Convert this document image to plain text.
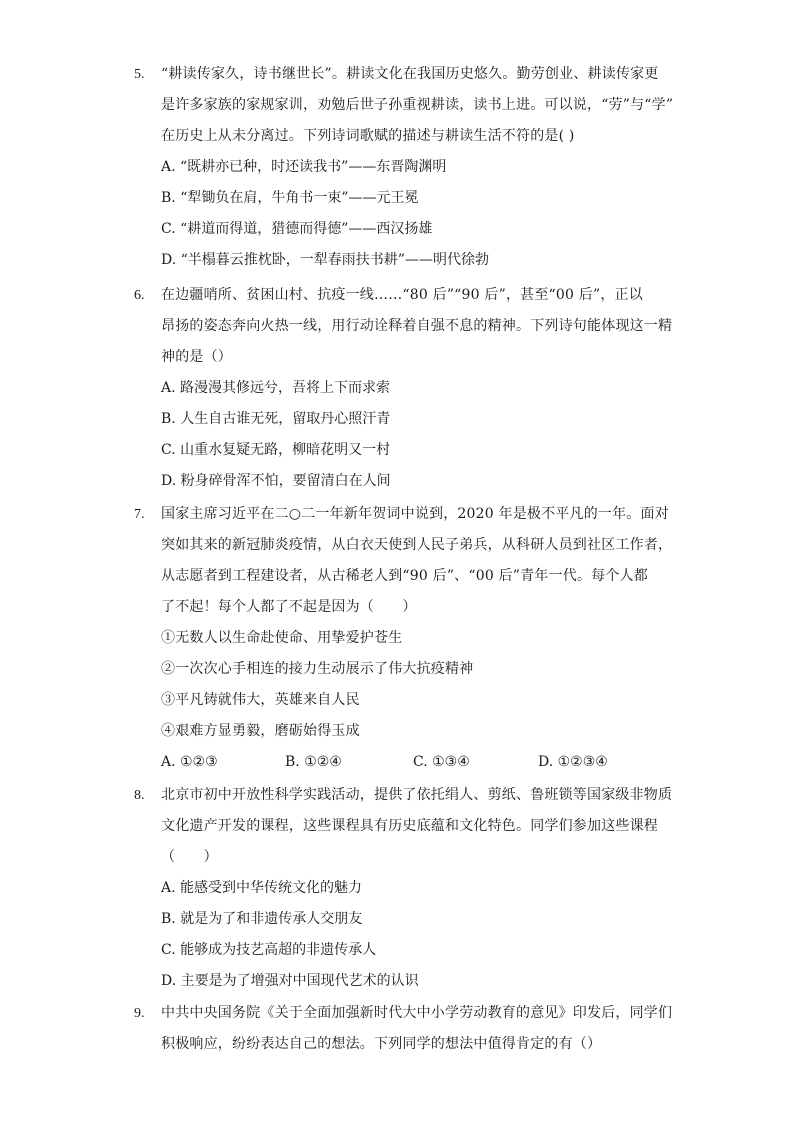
5. “耕读传家久，诗书继世长”。耕读文化在我国历史悠久。勤劳创业、耕读传家更
是许多家族的家规家训，劝勉后世子孙重视耕读，读书上进。可以说，“劳”与“学”
在历史上从未分离过。下列诗词歌赋的描述与耕读生活不符的是( )
A. “既耕亦已种，时还读我书”——东晋陶渊明
B. “犁锄负在肩，牛角书一束”——元王冕
C. “耕道而得道，猎德而得德”——西汉扬雄
D. “半榻暮云推枕卧，一犁春雨扶书耕”——明代徐勃
6. 在边疆哨所、贫困山村、抗疫一线……“80 后”“90 后”，甚至“00 后”，正以
昂扬的姿态奔向火热一线，用行动诠释着自强不息的精神。下列诗句能体现这一精
神的是（）
A. 路漫漫其修远兮，吾将上下而求索
B. 人生自古谁无死，留取丹心照汗青
C. 山重水复疑无路，柳暗花明又一村
D. 粉身碎骨浑不怕，要留清白在人间
7. 国家主席习近平在二○二一年新年贺词中说到，2020 年是极不平凡的一年。面对
突如其来的新冠肺炎疫情，从白衣天使到人民子弟兵，从科研人员到社区工作者，
从志愿者到工程建设者，从古稀老人到“90 后”、“00 后”青年一代。每个人都
了不起！每个人都了不起是因为（　　）
①无数人以生命赴使命、用挚爱护苍生
②一次次心手相连的接力生动展示了伟大抗疫精神
③平凡铸就伟大，英雄来自人民
④艰难方显勇毅，磨砺始得玉成
A. ①②③	B. ①②④	C. ①③④	D. ①②③④
8. 北京市初中开放性科学实践活动，提供了依托绢人、剪纸、鲁班锁等国家级非物质
文化遗产开发的课程，这些课程具有历史底蕴和文化特色。同学们参加这些课程
（　　）
A. 能感受到中华传统文化的魅力
B. 就是为了和非遗传承人交朋友
C. 能够成为技艺高超的非遗传承人
D. 主要是为了增强对中国现代艺术的认识
9. 中共中央国务院《关于全面加强新时代大中小学劳动教育的意见》印发后，同学们
积极响应，纷纷表达自己的想法。下列同学的想法中值得肯定的有（）
